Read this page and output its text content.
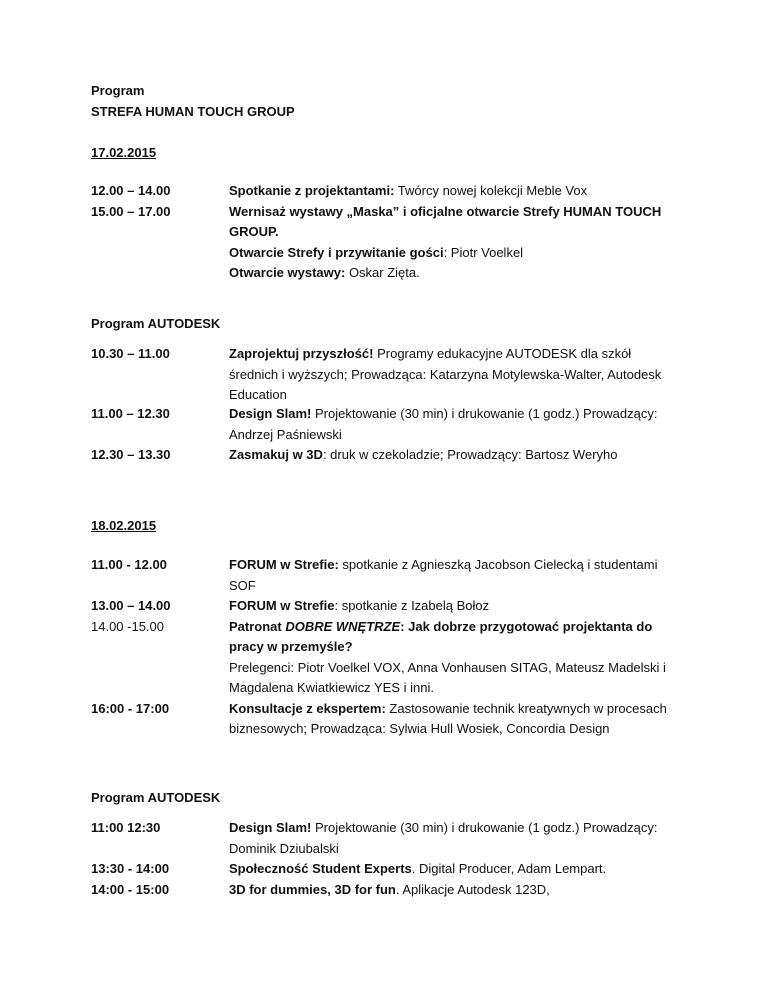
Program

STREFA HUMAN TOUCH GROUP

17.02.2015
12.00 – 14.00	Spotkanie z projektantami: Twórcy nowej kolekcji Meble Vox
15.00 – 17.00	Wernisaż wystawy „Maska” i oficjalne otwarcie Strefy HUMAN TOUCH GROUP.

Otwarcie Strefy i przywitanie gości: Piotr Voelkel

Otwarcie wystawy: Oskar Zięta.

Program AUTODESK
10.30 – 11.00	Zaprojektuj przyszłość! Programy edukacyjne AUTODESK dla szkół średnich i wyższych; Prowadząca: Katarzyna Motylewska-Walter, Autodesk Education
11.00 – 12.30	Design Slam! Projektowanie (30 min) i drukowanie (1 godz.) Prowadzący: Andrzej Paśniewski
12.30 – 13.30	Zasmakuj w 3D: druk w czekoladzie; Prowadzący: Bartosz Weryho
18.02.2015
11.00 - 12.00	FORUM w Strefie: spotkanie z Agnieszką Jacobson Cielecką i studentami SOF
13.00 – 14.00	FORUM w Strefie: spotkanie z Izabelą Bołoz
14.00 -15.00	Patronat DOBRE WNĘTRZE: Jak dobrze przygotować projektanta do pracy w przemyśle?

Prelegenci: Piotr Voelkel VOX, Anna Vonhausen SITAG, Mateusz Madelski i Magdalena Kwiatkiewicz YES i inni.

16:00 - 17:00	Konsultacje z ekspertem: Zastosowanie technik kreatywnych w procesach biznesowych; Prowadząca: Sylwia Hull Wosiek, Concordia Design
Program AUTODESK
11:00 12:30	Design Slam! Projektowanie (30 min) i drukowanie (1 godz.) Prowadzący: Dominik Dziubalski
13:30 - 14:00	Społeczność Student Experts. Digital Producer, Adam Lempart.
14:00 - 15:00	3D for dummies, 3D for fun. Aplikacje Autodesk 123D,
